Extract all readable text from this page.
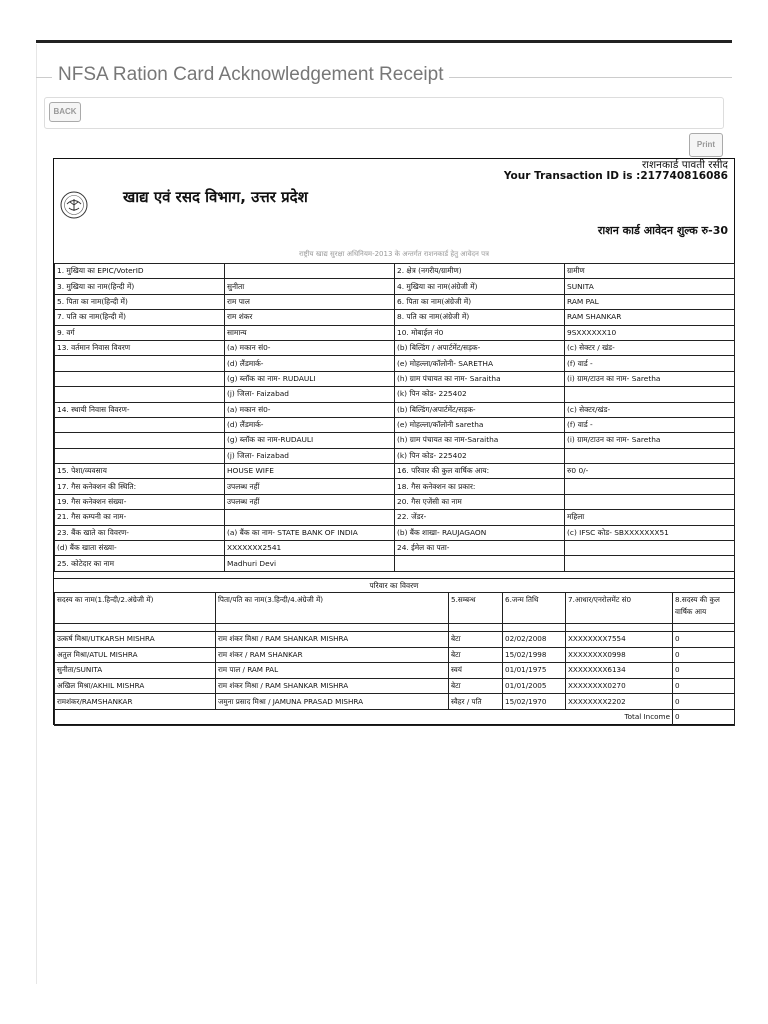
NFSA Ration Card Acknowledgement Receipt
BACK
Print
राशनकार्ड पावती रसीद
Your Transaction ID is :217740816086
खाद्य एवं रसद विभाग, उत्तर प्रदेश
राशन कार्ड आवेदन शुल्क रु-30
राष्ट्रीय खाद्य सुरक्षा अधिनियम-2013 के अन्तर्गत राशनकार्ड हेतु आवेदन पत्र
1. मुखिया का EPIC/VoterID		2. क्षेत्र (नगरीय/ग्रामीण)	ग्रामीण
3. मुखिया का नाम(हिन्दी में)	सुनीता	4. मुखिया का नाम(अंग्रेजी में)	SUNITA
5. पिता का नाम(हिन्दी में)	राम पाल	6. पिता का नाम(अंग्रेजी में)	RAM PAL
7. पति का नाम(हिन्दी में)	राम शंकर	8. पति का नाम(अंग्रेजी में)	RAM SHANKAR
9. वर्ग	सामान्य	10. मोबाईल नं0	9SXXXXXX10
13. वर्तमान निवास विवरण	(a) मकान सं0-	(b) बिल्डिंग / अपार्टमेंट/सड़क-	(c) सेक्टर / खंड-
	(d) लैंडमार्क-	(e) मोहल्ला/कॉलोनी- SARETHA	(f) वार्ड -
	(g) ब्लॉक का नाम- RUDAULI	(h) ग्राम पंचायत का नाम- Saraitha	(i) ग्राम/टाउन का नाम- Saretha
	(j) जिला- Faizabad	(k) पिन कोड- 225402	
14. स्थायी निवास विवरण-	(a) मकान सं0-	(b) बिल्डिंग/अपार्टमेंट/सड़क-	(c) सेक्टर/खंड-
	(d) लैंडमार्क-	(e) मोहल्ला/कॉलोनी saretha	(f) वार्ड -
	(g) ब्लॉक का नाम-RUDAULI	(h) ग्राम पंचायत का नाम-Saraitha	(i) ग्राम/टाउन का नाम- Saretha
	(j) जिला- Faizabad	(k) पिन कोड- 225402	
15. पेशा/व्यवसाय	HOUSE WIFE	16. परिवार की कुल वार्षिक आय:	रु0 0/-
17. गैस कनेक्शन की स्थिति:	उपलब्ध नहीं	18. गैस कनेक्शन का प्रकार:	
19. गैस कनेक्शन संख्या-	उपलब्ध नहीं	20. गैस एजेंसी का नाम	
21. गैस कम्पनी का नाम-		22. जेंडर-	महिला
23. बैंक खाते का विवरण-	(a) बैंक का नाम- STATE BANK OF INDIA	(b) बैंक शाखा- RAUJAGAON	(c) IFSC कोड- SBXXXXXXX51
(d) बैंक खाता संख्या-	XXXXXXX2541	24. ईमेल का पता-	
25. कोटेदार का नाम	Madhuri Devi		
परिवार का विवरण
सदस्य का नाम(1.हिन्दी/2.अंग्रेजी में)	पिता/पति का नाम(3.हिन्दी/4.अंग्रेजी में)	5.सम्बन्ध	6.जन्म तिथि	7.आधार/एनरोलमेंट सं0	8.सदस्य की कुल वार्षिक आय

उत्कर्ष मिश्रा/UTKARSH MISHRA	राम शंकर मिश्रा / RAM SHANKAR MISHRA	बेटा	02/02/2008	XXXXXXXX7554	0
अतुल मिश्रा/ATUL MISHRA	राम शंकर / RAM SHANKAR	बेटा	15/02/1998	XXXXXXXX0998	0
सुनीता/SUNITA	राम पाल / RAM PAL	स्वयं	01/01/1975	XXXXXXXX6134	0
अखिल मिश्रा/AKHIL MISHRA	राम शंकर मिश्रा / RAM SHANKAR MISHRA	बेटा	01/01/2005	XXXXXXXX0270	0
रामशंकर/RAMSHANKAR	जमुना प्रसाद मिश्रा / JAMUNA PRASAD MISHRA	स्वैहर / पति	15/02/1970	XXXXXXXX2202	0
Total Income					0
